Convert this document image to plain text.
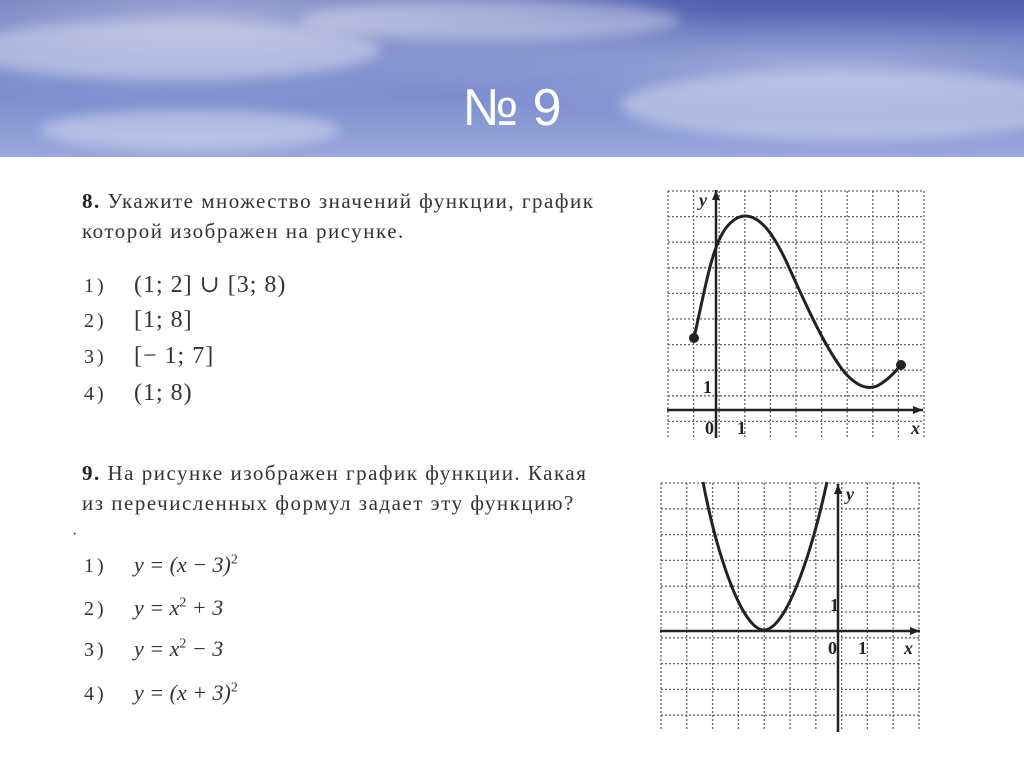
№ 9
8. Укажите множество значений функции, график
которой изображен на рисунке.
1) (1; 2] ∪ [3; 8)
2) [1; 8]
3) [− 1; 7]
4) (1; 8)
y
x
0 1
1
9. На рисунке изображен график функции. Какая
из перечисленных формул задает эту функцию?
·
1) $y = (x - 3)^2$
2) $y = x^2 + 3$
3) $y = x^2 - 3$
4) $y = (x + 3)^2$
y
x
0 1
1
